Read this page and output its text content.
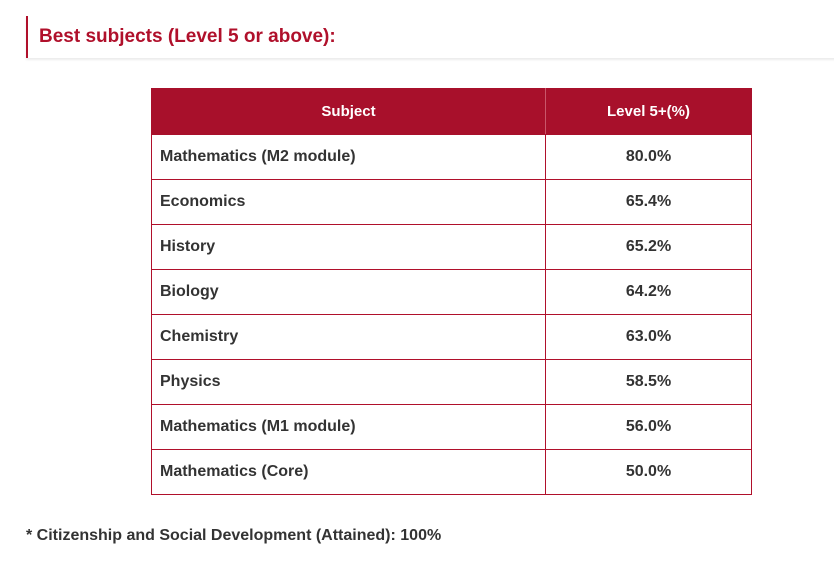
Best subjects (Level 5 or above):
Subject	Level 5+(%)
Mathematics (M2 module)	80.0%
Economics	65.4%
History	65.2%
Biology	64.2%
Chemistry	63.0%
Physics	58.5%
Mathematics (M1 module)	56.0%
Mathematics (Core)	50.0%
* Citizenship and Social Development (Attained): 100%
